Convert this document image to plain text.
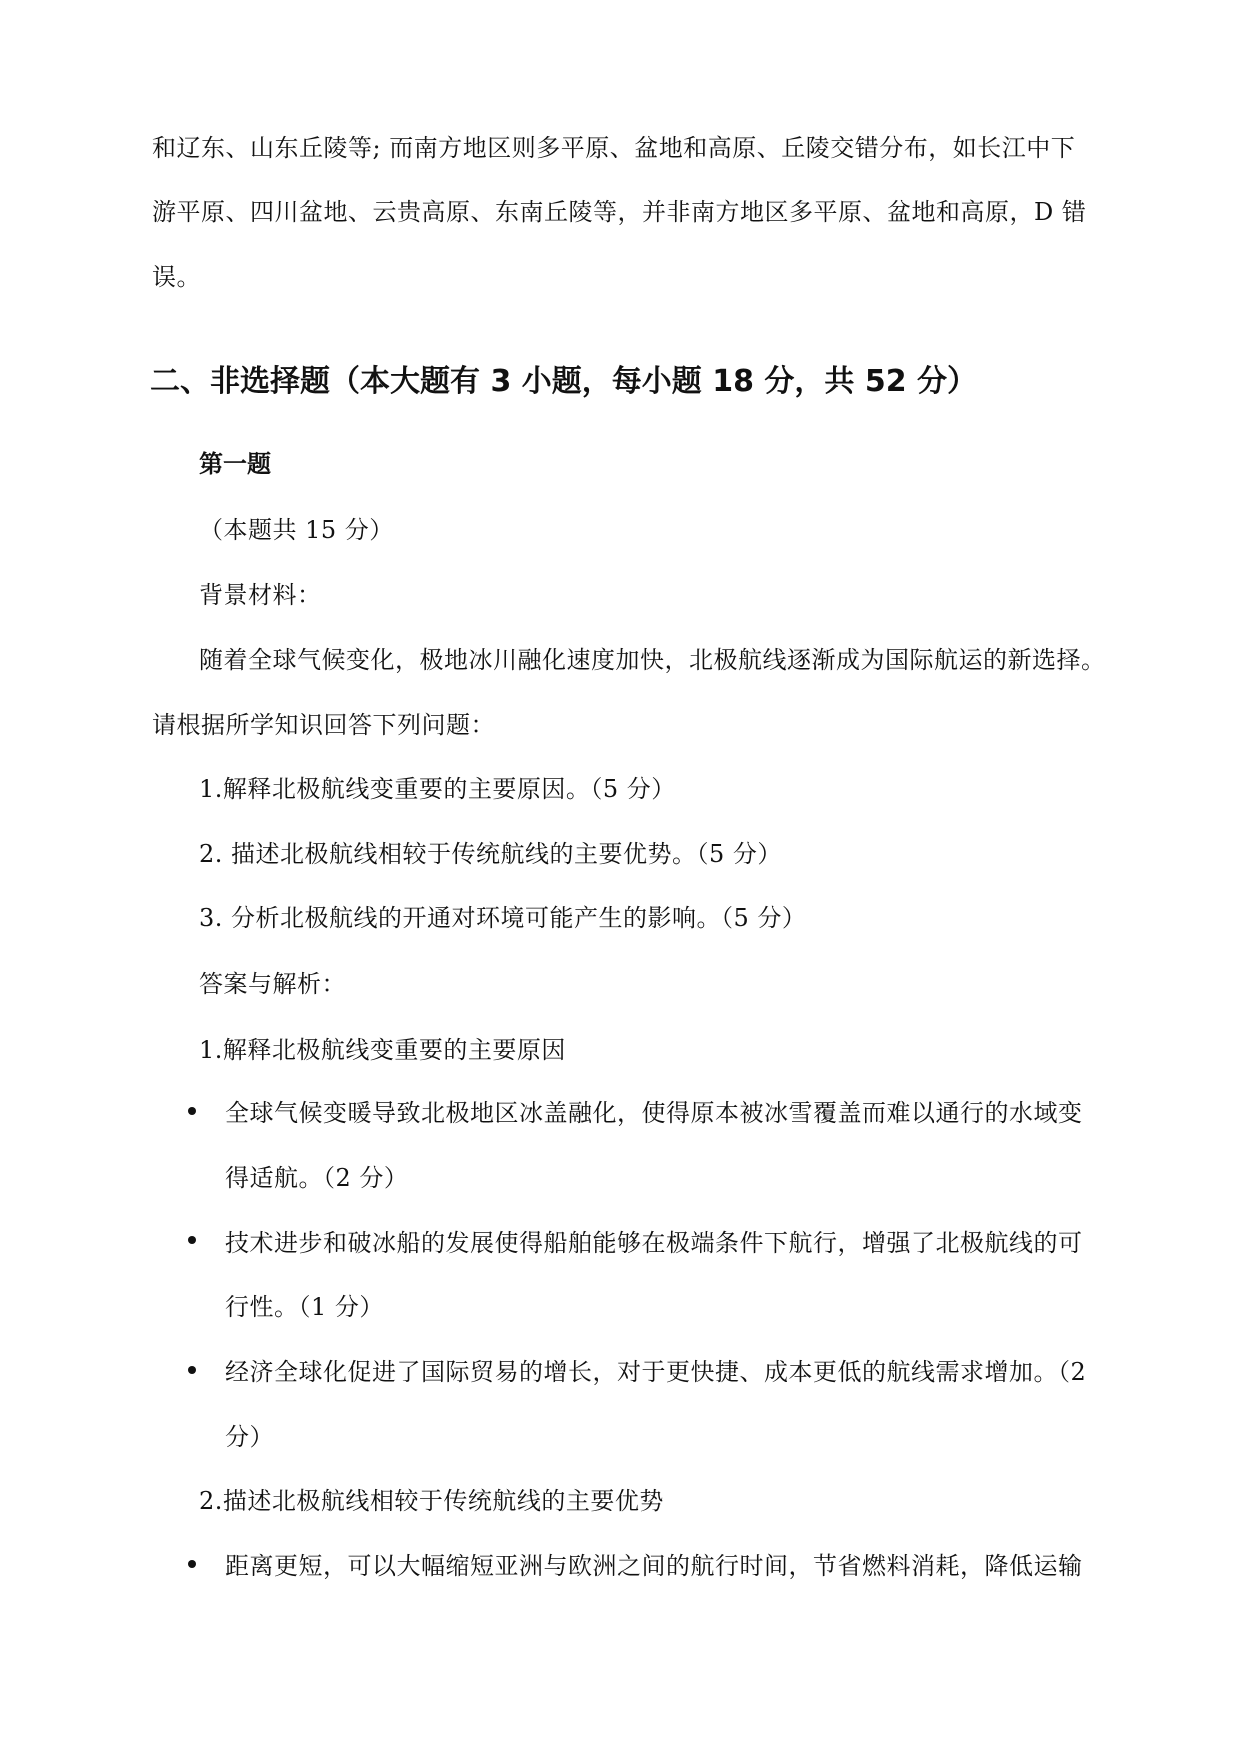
和辽东、山东丘陵等; 而南方地区则多平原、盆地和高原、丘陵交错分布，如长江中下
游平原、四川盆地、云贵高原、东南丘陵等，并非南方地区多平原、盆地和高原，D 错
误。
二、非选择题（本大题有 3 小题，每小题 18 分，共 52 分）
第一题
（本题共 15 分）
背景材料：
随着全球气候变化，极地冰川融化速度加快，北极航线逐渐成为国际航运的新选择。
请根据所学知识回答下列问题：
1.解释北极航线变重要的主要原因。（5 分）
2. 描述北极航线相较于传统航线的主要优势。（5 分）
3. 分析北极航线的开通对环境可能产生的影响。（5 分）
答案与解析：
1.解释北极航线变重要的主要原因
全球气候变暖导致北极地区冰盖融化，使得原本被冰雪覆盖而难以通行的水域变
得适航。（2 分）
技术进步和破冰船的发展使得船舶能够在极端条件下航行，增强了北极航线的可
行性。（1 分）
经济全球化促进了国际贸易的增长，对于更快捷、成本更低的航线需求增加。（2
分）
2.描述北极航线相较于传统航线的主要优势
距离更短，可以大幅缩短亚洲与欧洲之间的航行时间，节省燃料消耗，降低运输
